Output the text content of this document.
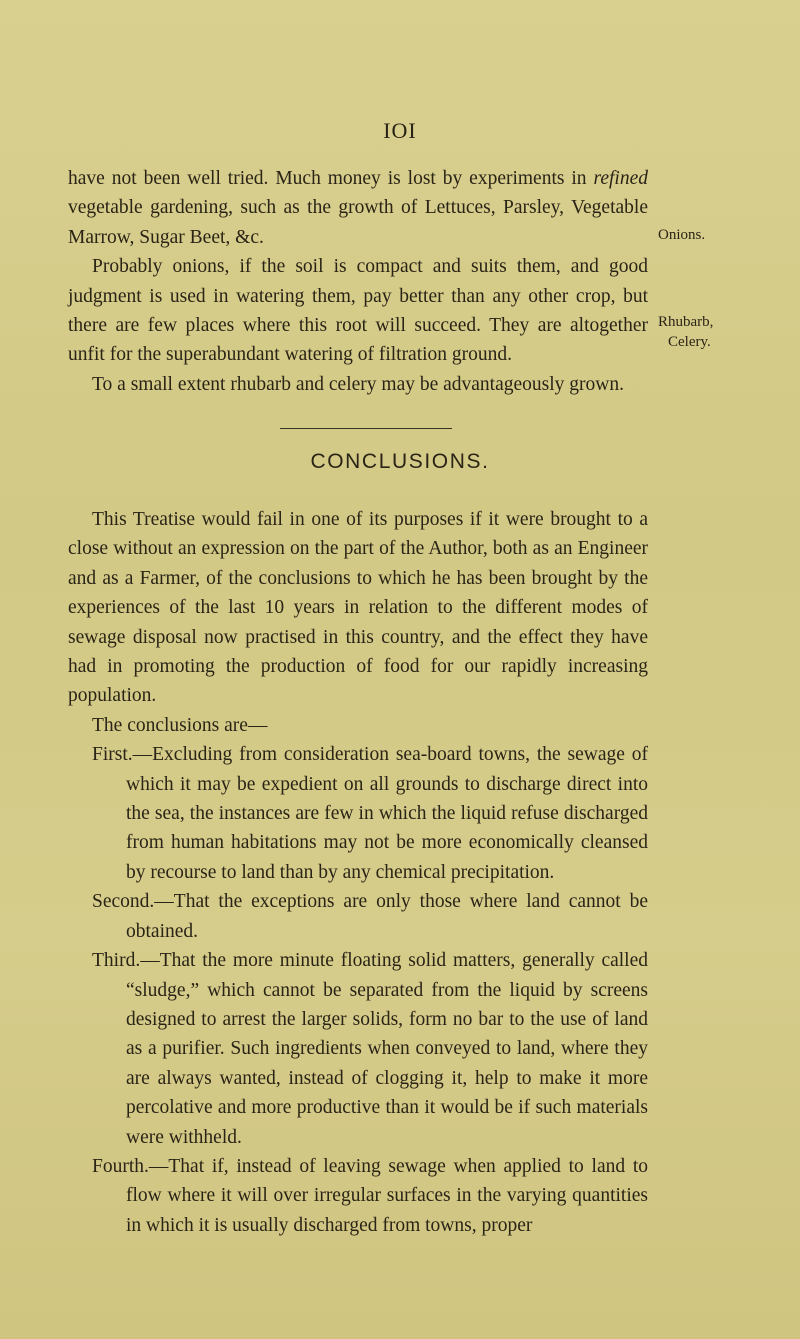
IOI

have not been well tried. Much money is lost by experiments in refined vegetable gardening, such as the growth of Lettuces, Parsley, Vegetable Marrow, Sugar Beet, &c.

Probably onions, if the soil is compact and suits them, and good judgment is used in watering them, pay better than any other crop, but there are few places where this root will succeed. They are altogether unfit for the superabundant watering of filtration ground.

To a small extent rhubarb and celery may be advantageously grown.

Onions.
Rhubarb,
Celery.
CONCLUSIONS.

This Treatise would fail in one of its purposes if it were brought to a close without an expression on the part of the Author, both as an Engineer and as a Farmer, of the conclusions to which he has been brought by the experiences of the last 10 years in relation to the different modes of sewage disposal now practised in this country, and the effect they have had in promoting the production of food for our rapidly increasing population.

The conclusions are—

First.—Excluding from consideration sea-board towns, the sewage of which it may be expedient on all grounds to discharge direct into the sea, the instances are few in which the liquid refuse discharged from human habitations may not be more economically cleansed by recourse to land than by any chemical precipitation.

Second.—That the exceptions are only those where land cannot be obtained.

Third.—That the more minute floating solid matters, generally called “sludge,” which cannot be separated from the liquid by screens designed to arrest the larger solids, form no bar to the use of land as a purifier. Such ingredients when conveyed to land, where they are always wanted, instead of clogging it, help to make it more percolative and more productive than it would be if such materials were withheld.

Fourth.—That if, instead of leaving sewage when applied to land to flow where it will over irregular surfaces in the varying quantities in which it is usually discharged from towns, proper
